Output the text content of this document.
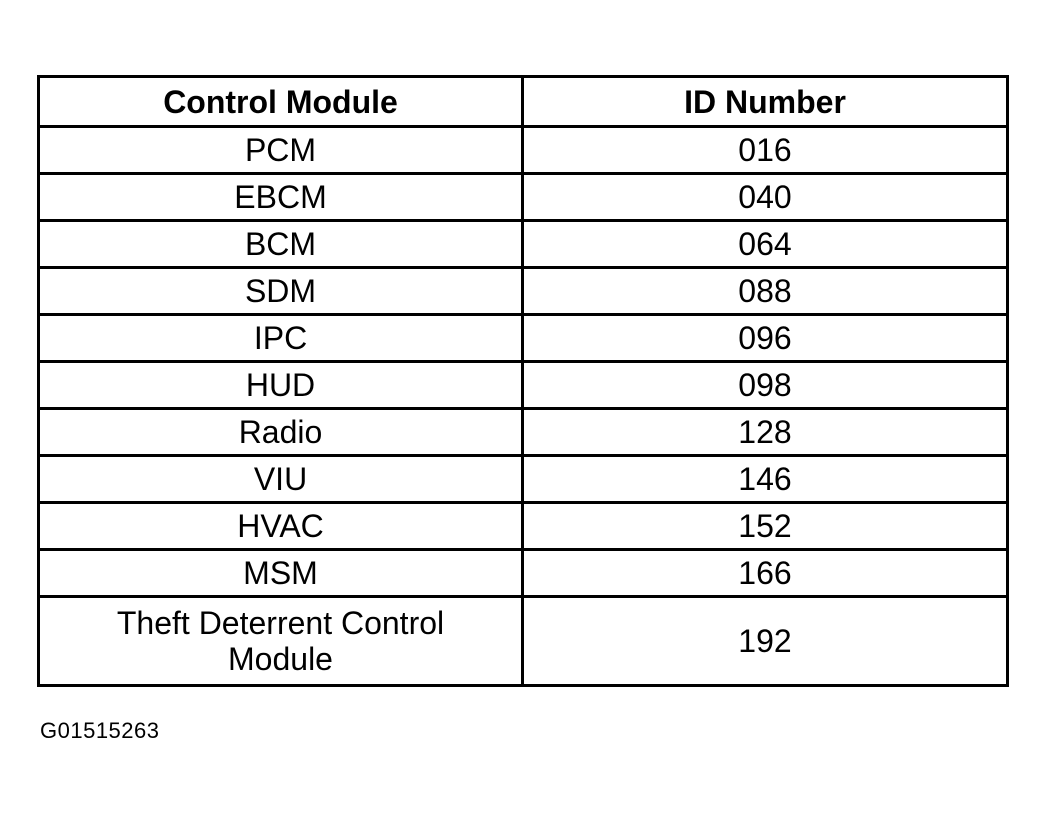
Control Module	ID Number
PCM	016
EBCM	040
BCM	064
SDM	088
IPC	096
HUD	098
Radio	128
VIU	146
HVAC	152
MSM	166
Theft Deterrent Control Module	192
G01515263
